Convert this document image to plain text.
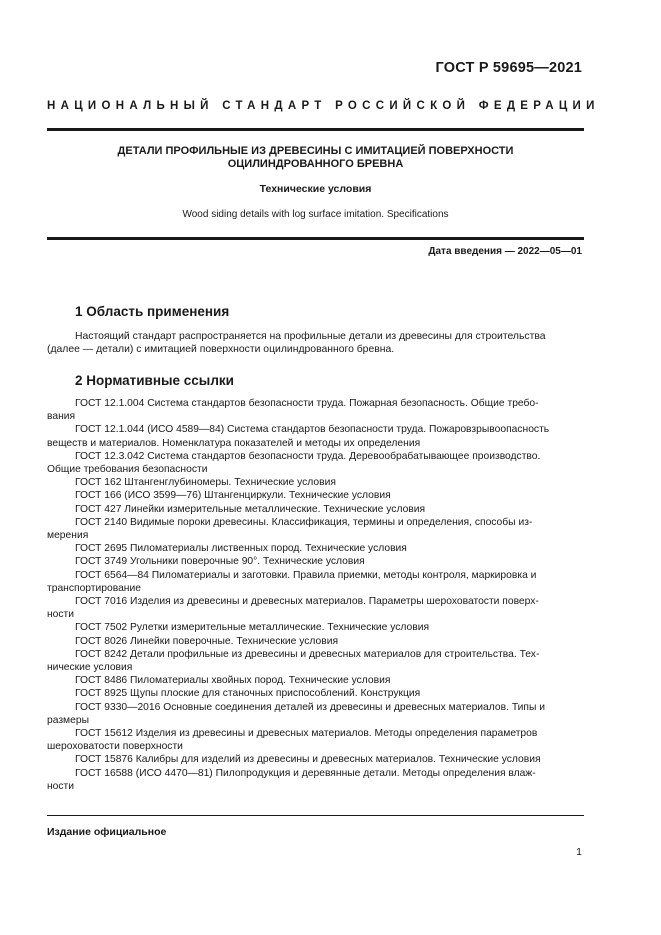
ГОСТ Р 59695—2021
НАЦИОНАЛЬНЫЙ СТАНДАРТ РОССИЙСКОЙ ФЕДЕРАЦИИ
ДЕТАЛИ ПРОФИЛЬНЫЕ ИЗ ДРЕВЕСИНЫ С ИМИТАЦИЕЙ ПОВЕРХНОСТИ
ОЦИЛИНДРОВАННОГО БРЕВНА
Технические условия
Wood siding details with log surface imitation. Specifications
Дата введения — 2022—05—01
1 Область применения
Настоящий стандарт распространяется на профильные детали из древесины для строительства
(далее — детали) с имитацией поверхности оцилиндрованного бревна.
2 Нормативные ссылки
ГОСТ 12.1.004 Система стандартов безопасности труда. Пожарная безопасность. Общие требо-
вания
ГОСТ 12.1.044 (ИСО 4589—84) Система стандартов безопасности труда. Пожаровзрывоопасность
веществ и материалов. Номенклатура показателей и методы их определения
ГОСТ 12.3.042 Система стандартов безопасности труда. Деревообрабатывающее производство.
Общие требования безопасности
ГОСТ 162 Штангенглубиномеры. Технические условия
ГОСТ 166 (ИСО 3599—76) Штангенциркули. Технические условия
ГОСТ 427 Линейки измерительные металлические. Технические условия
ГОСТ 2140 Видимые пороки древесины. Классификация, термины и определения, способы из-
мерения
ГОСТ 2695 Пиломатериалы лиственных пород. Технические условия
ГОСТ 3749 Угольники поверочные 90°. Технические условия
ГОСТ 6564—84 Пиломатериалы и заготовки. Правила приемки, методы контроля, маркировка и
транспортирование
ГОСТ 7016 Изделия из древесины и древесных материалов. Параметры шероховатости поверх-
ности
ГОСТ 7502 Рулетки измерительные металлические. Технические условия
ГОСТ 8026 Линейки поверочные. Технические условия
ГОСТ 8242 Детали профильные из древесины и древесных материалов для строительства. Тех-
нические условия
ГОСТ 8486 Пиломатериалы хвойных пород. Технические условия
ГОСТ 8925 Щупы плоские для станочных приспособлений. Конструкция
ГОСТ 9330—2016 Основные соединения деталей из древесины и древесных материалов. Типы и
размеры
ГОСТ 15612 Изделия из древесины и древесных материалов. Методы определения параметров
шероховатости поверхности
ГОСТ 15876 Калибры для изделий из древесины и древесных материалов. Технические условия
ГОСТ 16588 (ИСО 4470—81) Пилопродукция и деревянные детали. Методы определения влаж-
ности
Издание официальное
1
